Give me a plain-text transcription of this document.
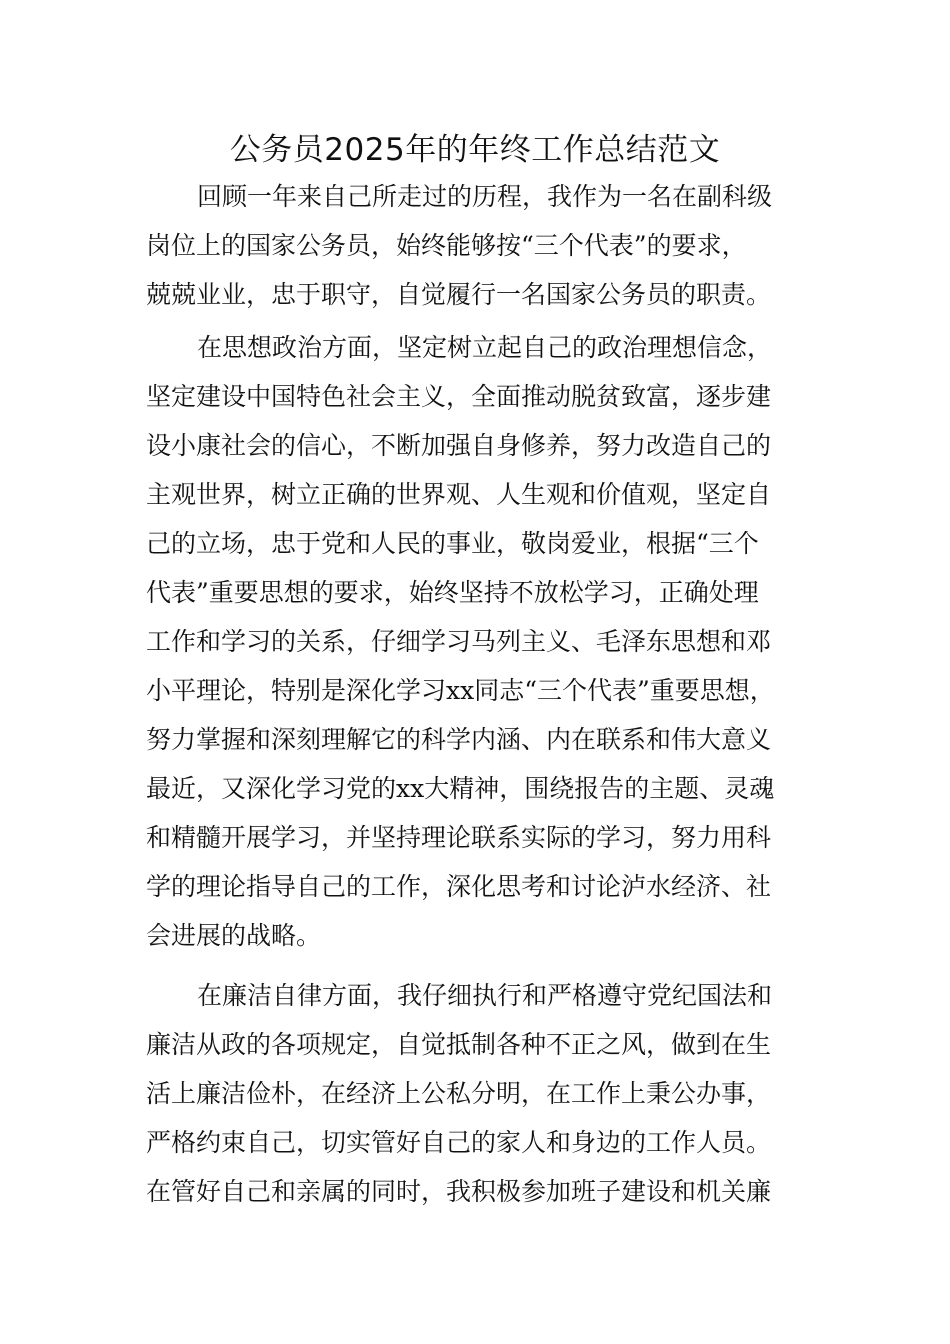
公务员2025年的年终工作总结范文

回顾一年来自己所走过的历程，我作为一名在副科级

岗位上的国家公务员，始终能够按“三个代表”的要求，

兢兢业业，忠于职守，自觉履行一名国家公务员的职责。

在思想政治方面，坚定树立起自己的政治理想信念，

坚定建设中国特色社会主义，全面推动脱贫致富，逐步建

设小康社会的信心，不断加强自身修养，努力改造自己的

主观世界，树立正确的世界观、人生观和价值观，坚定自

己的立场，忠于党和人民的事业，敬岗爱业，根据“三个

代表”重要思想的要求，始终坚持不放松学习，正确处理

工作和学习的关系，仔细学习马列主义、毛泽东思想和邓

小平理论，特别是深化学习xx同志“三个代表”重要思想，

努力掌握和深刻理解它的科学内涵、内在联系和伟大意义

最近，又深化学习党的xx大精神，围绕报告的主题、灵魂

和精髓开展学习，并坚持理论联系实际的学习，努力用科

学的理论指导自己的工作，深化思考和讨论泸水经济、社

会进展的战略。

在廉洁自律方面，我仔细执行和严格遵守党纪国法和

廉洁从政的各项规定，自觉抵制各种不正之风，做到在生

活上廉洁俭朴，在经济上公私分明，在工作上秉公办事，

严格约束自己，切实管好自己的家人和身边的工作人员。

在管好自己和亲属的同时，我积极参加班子建设和机关廉
